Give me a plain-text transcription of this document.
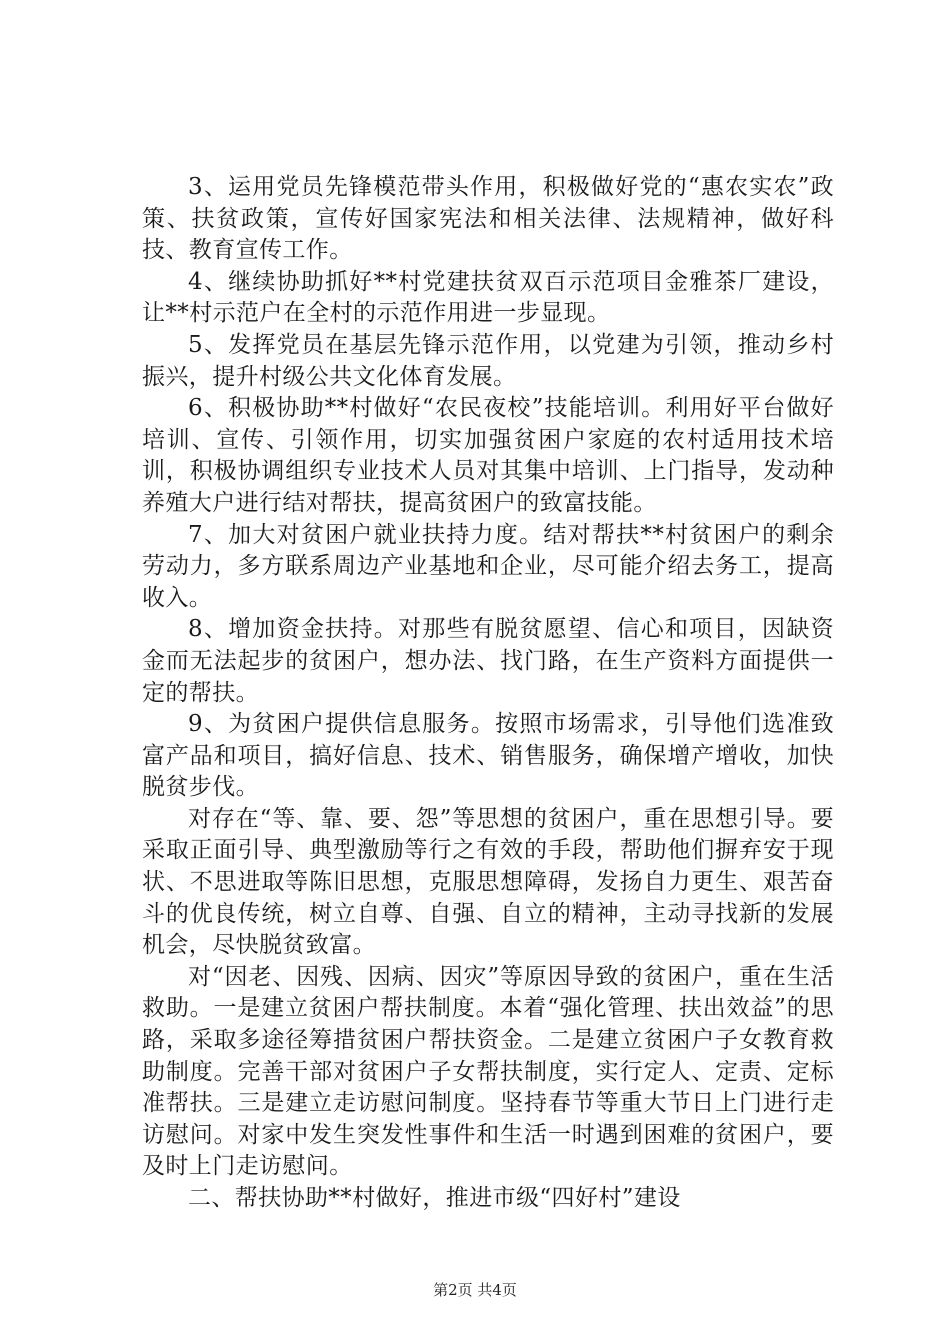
3、运用党员先锋模范带头作用，积极做好党的“惠农实农”政策、扶贫政策，宣传好国家宪法和相关法律、法规精神，做好科技、教育宣传工作。

4、继续协助抓好**村党建扶贫双百示范项目金雅茶厂建设，让**村示范户在全村的示范作用进一步显现。

5、发挥党员在基层先锋示范作用，以党建为引领，推动乡村振兴，提升村级公共文化体育发展。

6、积极协助**村做好“农民夜校”技能培训。利用好平台做好培训、宣传、引领作用，切实加强贫困户家庭的农村适用技术培训，积极协调组织专业技术人员对其集中培训、上门指导，发动种养殖大户进行结对帮扶，提高贫困户的致富技能。

7、加大对贫困户就业扶持力度。结对帮扶**村贫困户的剩余劳动力，多方联系周边产业基地和企业，尽可能介绍去务工，提高收入。

8、增加资金扶持。对那些有脱贫愿望、信心和项目，因缺资金而无法起步的贫困户，想办法、找门路，在生产资料方面提供一定的帮扶。

9、为贫困户提供信息服务。按照市场需求，引导他们选准致富产品和项目，搞好信息、技术、销售服务，确保增产增收，加快脱贫步伐。

对存在“等、靠、要、怨”等思想的贫困户，重在思想引导。要采取正面引导、典型激励等行之有效的手段，帮助他们摒弃安于现状、不思进取等陈旧思想，克服思想障碍，发扬自力更生、艰苦奋斗的优良传统，树立自尊、自强、自立的精神，主动寻找新的发展机会，尽快脱贫致富。

对“因老、因残、因病、因灾”等原因导致的贫困户，重在生活救助。一是建立贫困户帮扶制度。本着“强化管理、扶出效益”的思路，采取多途径筹措贫困户帮扶资金。二是建立贫困户子女教育救助制度。完善干部对贫困户子女帮扶制度，实行定人、定责、定标准帮扶。三是建立走访慰问制度。坚持春节等重大节日上门进行走访慰问。对家中发生突发性事件和生活一时遇到困难的贫困户，要及时上门走访慰问。

二、帮扶协助**村做好，推进市级“四好村”建设

第2页 共4页
